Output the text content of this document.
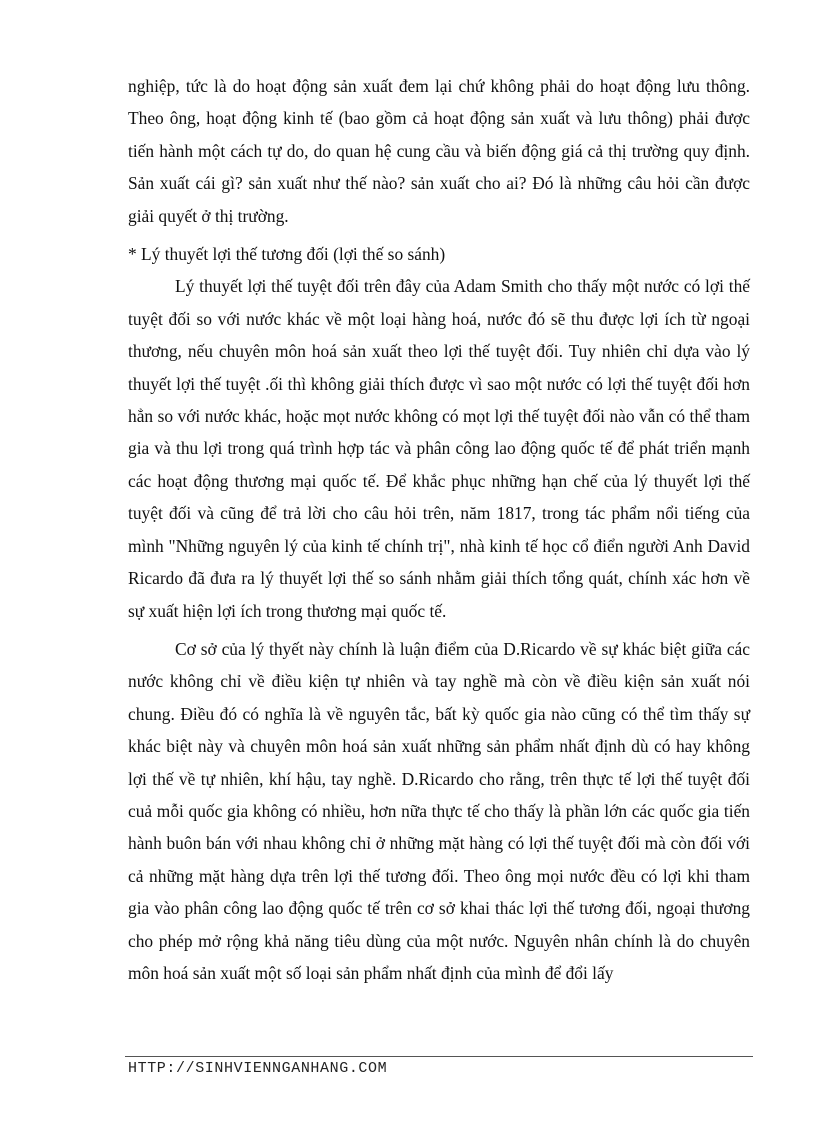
nghiệp, tức là do hoạt động sản xuất đem lại chứ không phải do hoạt động lưu thông. Theo ông, hoạt động kinh tế (bao gồm cả hoạt động sản xuất và lưu thông) phải được tiến hành một cách tự do, do quan hệ cung cầu và biến động giá cả thị trường quy định. Sản xuất cái gì? sản xuất như thế nào? sản xuất cho ai? Đó là những câu hỏi cần được giải quyết ở thị trường.

* Lý thuyết lợi thế tương đối (lợi thế so sánh)

Lý thuyết lợi thế tuyệt đối trên đây của Adam Smith cho thấy một nước có lợi thế tuyệt đối so với nước khác về một loại hàng hoá, nước đó sẽ thu được lợi ích từ ngoại thương, nếu chuyên môn hoá sản xuất theo lợi thế tuyệt đối. Tuy nhiên chỉ dựa vào lý thuyết lợi thế tuyệt .ối thì không giải thích được vì sao một nước có lợi thế tuyệt đối hơn hẳn so với nước khác, hoặc mọt nước không có mọt lợi thế tuyệt đối nào vẫn có thể tham gia và thu lợi trong quá trình hợp tác và phân công lao động quốc tế để phát triển mạnh các hoạt động thương mại quốc tế. Để khắc phục những hạn chế của lý thuyết lợi thế tuyệt đối và cũng để trả lời cho câu hỏi trên, năm 1817, trong tác phẩm nổi tiếng của mình "Những nguyên lý của kinh tế chính trị", nhà kinh tế học cổ điển người Anh David Ricardo đã đưa ra lý thuyết lợi thế so sánh nhằm giải thích tổng quát, chính xác hơn về sự xuất hiện lợi ích trong thương mại quốc tế.

Cơ sở của lý thyết này chính là luận điểm của D.Ricardo về sự khác biệt giữa các nước không chỉ về điều kiện tự nhiên và tay nghề mà còn về điều kiện sản xuất nói chung. Điều đó có nghĩa là về nguyên tắc, bất kỳ quốc gia nào cũng có thể tìm thấy sự khác biệt này và chuyên môn hoá sản xuất những sản phẩm nhất định dù có hay không lợi thế về tự nhiên, khí hậu, tay nghề. D.Ricardo cho rằng, trên thực tế lợi thế tuyệt đối cuả mỗi quốc gia không có nhiều, hơn nữa thực tế cho thấy là phần lớn các quốc gia tiến hành buôn bán với nhau không chỉ ở những mặt hàng có lợi thế tuyệt đối mà còn đối với cả những mặt hàng dựa trên lợi thế tương đối. Theo ông mọi nước đều có lợi khi tham gia vào phân công lao động quốc tế trên cơ sở khai thác lợi thế tương đối, ngoại thương cho phép mở rộng khả năng tiêu dùng của một nước. Nguyên nhân chính là do chuyên môn hoá sản xuất một số loại sản phẩm nhất định của mình để đổi lấy

HTTP://SINHVIENNGANHANG.COM
